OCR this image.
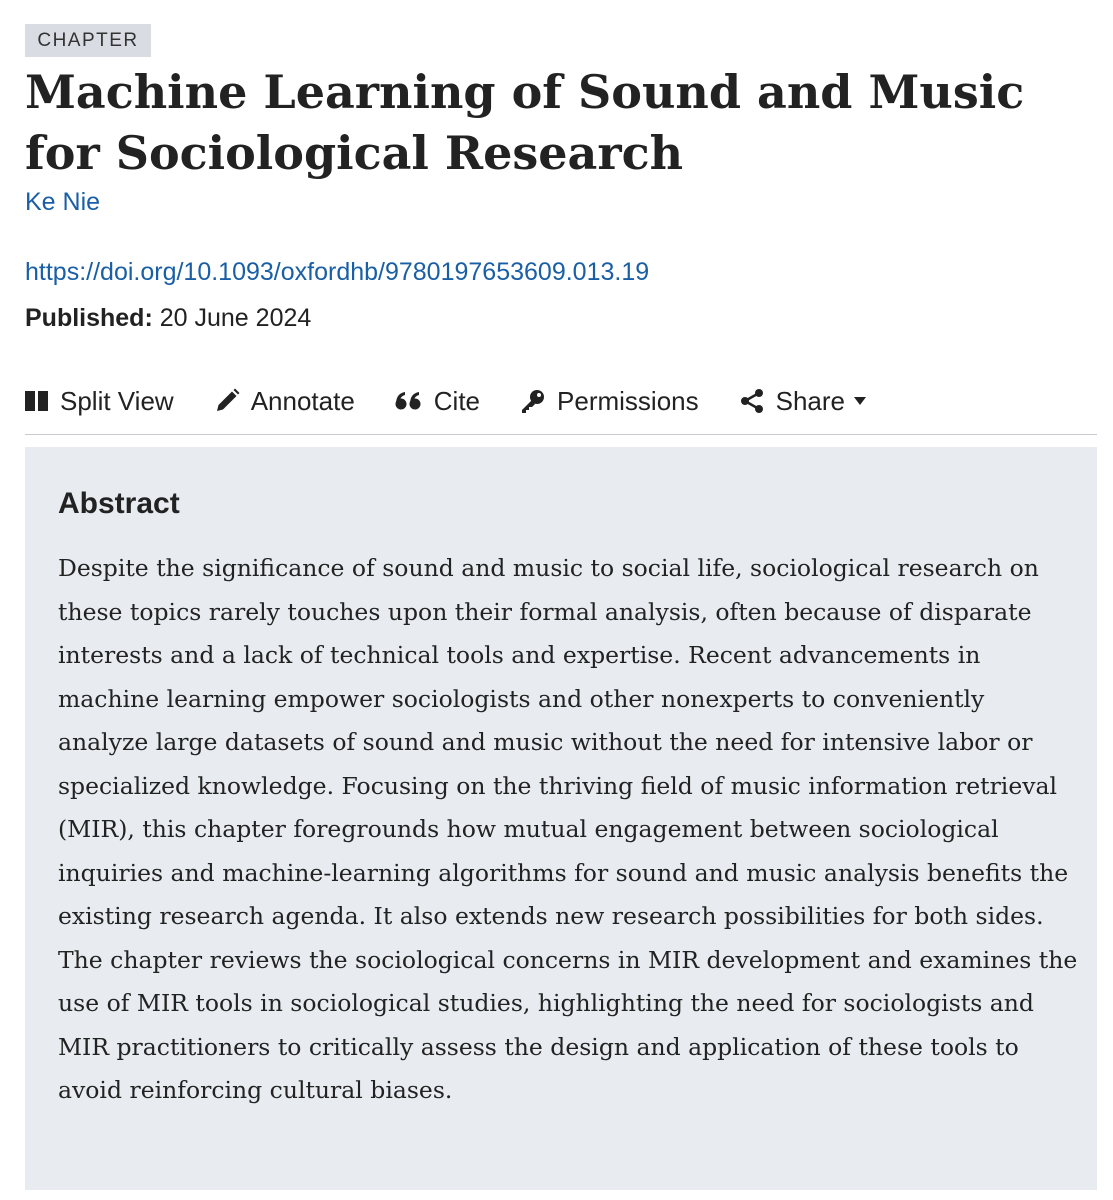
CHAPTER
Machine Learning of Sound and Music for Sociological Research
Ke Nie
https://doi.org/10.1093/oxfordhb/9780197653609.013.19
Published: 20 June 2024
Split View	Annotate	Cite	Permissions	Share
Abstract

Despite the significance of sound and music to social life, sociological research on these topics rarely touches upon their formal analysis, often because of disparate interests and a lack of technical tools and expertise. Recent advancements in machine learning empower sociologists and other nonexperts to conveniently analyze large datasets of sound and music without the need for intensive labor or specialized knowledge. Focusing on the thriving field of music information retrieval (MIR), this chapter foregrounds how mutual engagement between sociological inquiries and machine-learning algorithms for sound and music analysis benefits the existing research agenda. It also extends new research possibilities for both sides. The chapter reviews the sociological concerns in MIR development and examines the use of MIR tools in sociological studies, highlighting the need for sociologists and MIR practitioners to critically assess the design and application of these tools to avoid reinforcing cultural biases.
